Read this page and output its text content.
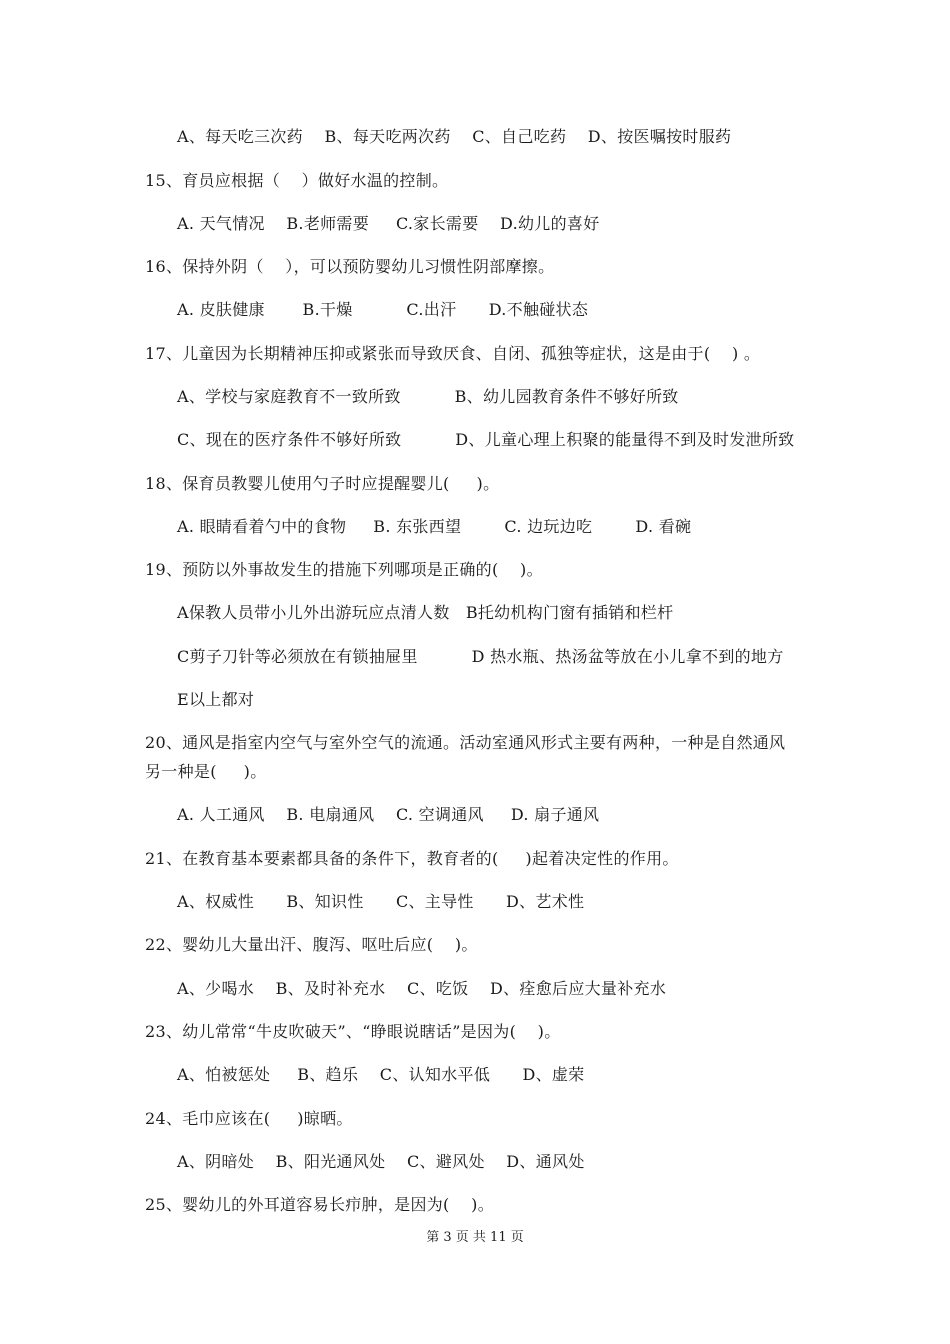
A、每天吃三次药    B、每天吃两次药    C、自己吃药    D、按医嘱按时服药
15、育员应根据（    ）做好水温的控制。
A. 天气情况    B.老师需要     C.家长需要    D.幼儿的喜好
16、保持外阴（    ），可以预防婴幼儿习惯性阴部摩擦。
A. 皮肤健康       B.干燥          C.出汗      D.不触碰状态
17、儿童因为长期精神压抑或紧张而导致厌食、自闭、孤独等症状，这是由于(    ) 。
A、学校与家庭教育不一致所致          B、幼儿园教育条件不够好所致
C、现在的医疗条件不够好所致          D、儿童心理上积聚的能量得不到及时发泄所致
18、保育员教婴儿使用勺子时应提醒婴儿(     )。
A. 眼睛看着勺中的食物     B. 东张西望        C. 边玩边吃        D. 看碗
19、预防以外事故发生的措施下列哪项是正确的(    )。
A保教人员带小儿外出游玩应点清人数   B托幼机构门窗有插销和栏杆
C剪子刀针等必须放在有锁抽屉里          D 热水瓶、热汤盆等放在小儿拿不到的地方
E以上都对
20、通风是指室内空气与室外空气的流通。活动室通风形式主要有两种，一种是自然通风
另一种是(     )。
A. 人工通风    B. 电扇通风    C. 空调通风     D. 扇子通风
21、在教育基本要素都具备的条件下，教育者的(     )起着决定性的作用。
A、权威性      B、知识性      C、主导性      D、艺术性
22、婴幼儿大量出汗、腹泻、呕吐后应(    )。
A、少喝水    B、及时补充水    C、吃饭    D、痊愈后应大量补充水
23、幼儿常常“牛皮吹破天”、“睁眼说瞎话”是因为(    )。
A、怕被惩处     B、趋乐    C、认知水平低      D、虚荣
24、毛巾应该在(     )晾晒。
A、阴暗处    B、阳光通风处    C、避风处    D、通风处
25、婴幼儿的外耳道容易长疖肿，是因为(    )。
第 3 页 共 11 页
